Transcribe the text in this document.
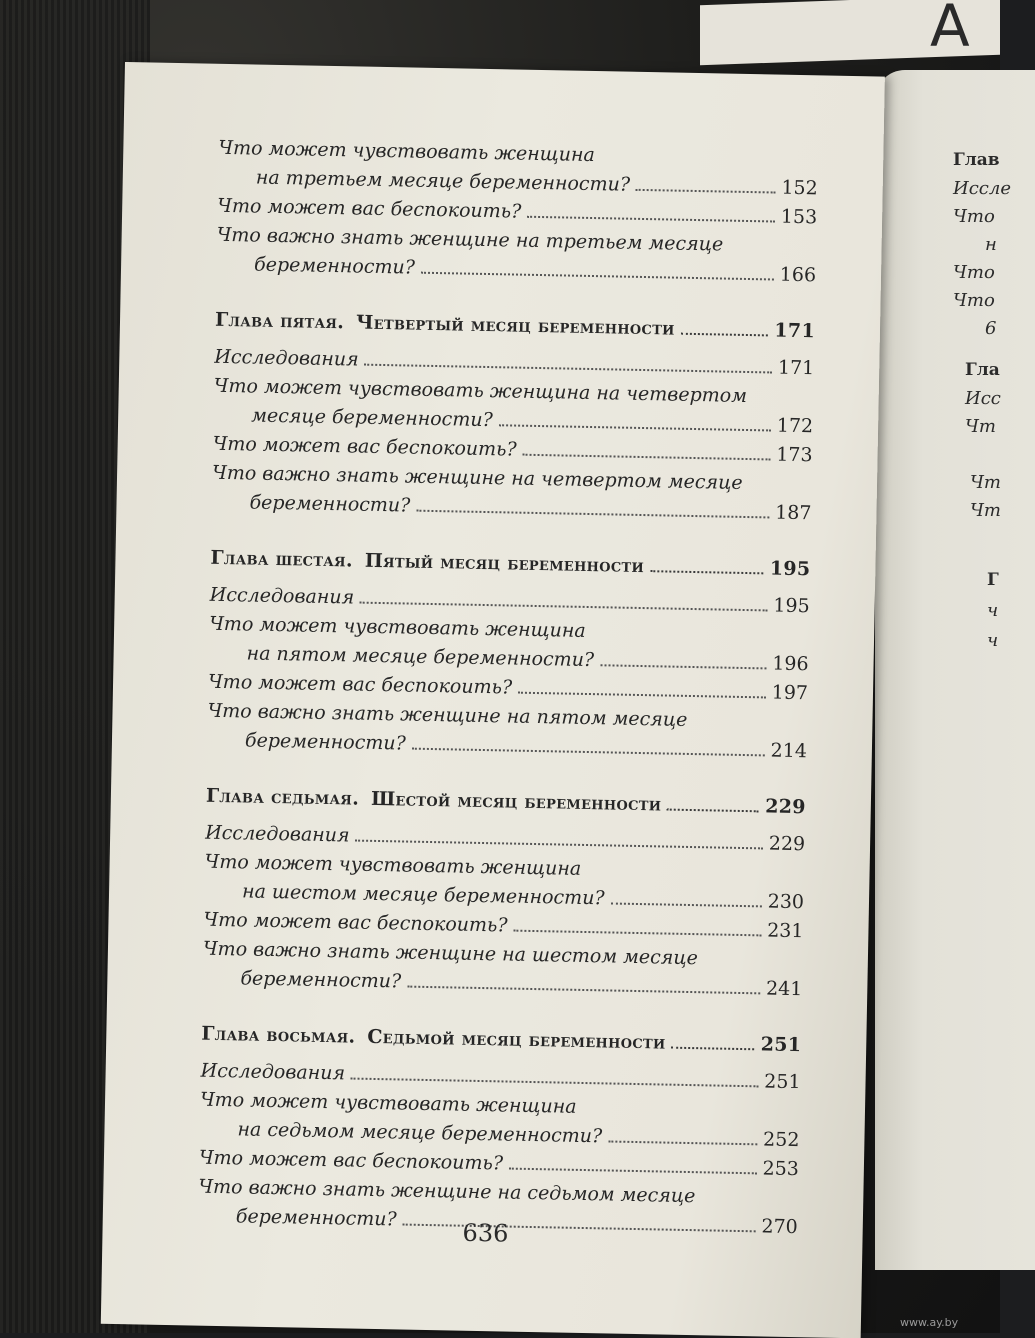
А
Глав
Иссле
Что
н
Что
Что
6
Гла
Исс
Чт
Чт
Чт
Г
ч
ч
Что может чувствовать женщина
на третьем месяце беременности?	152
Что может вас беспокоить?	153
Что важно знать женщине на третьем месяце
беременности?	166
Глава пятая. Четвертый месяц беременности	171
Исследования	171
Что может чувствовать женщина на четвертом
месяце беременности?	172
Что может вас беспокоить?	173
Что важно знать женщине на четвертом месяце
беременности?	187
Глава шестая. Пятый месяц беременности	195
Исследования	195
Что может чувствовать женщина
на пятом месяце беременности?	196
Что может вас беспокоить?	197
Что важно знать женщине на пятом месяце
беременности?	214
Глава седьмая. Шестой месяц беременности	229
Исследования	229
Что может чувствовать женщина
на шестом месяце беременности?	230
Что может вас беспокоить?	231
Что важно знать женщине на шестом месяце
беременности?	241
Глава восьмая. Седьмой месяц беременности	251
Исследования	251
Что может чувствовать женщина
на седьмом месяце беременности?	252
Что может вас беспокоить?	253
Что важно знать женщине на седьмом месяце
беременности?	270
636
www.ay.by
